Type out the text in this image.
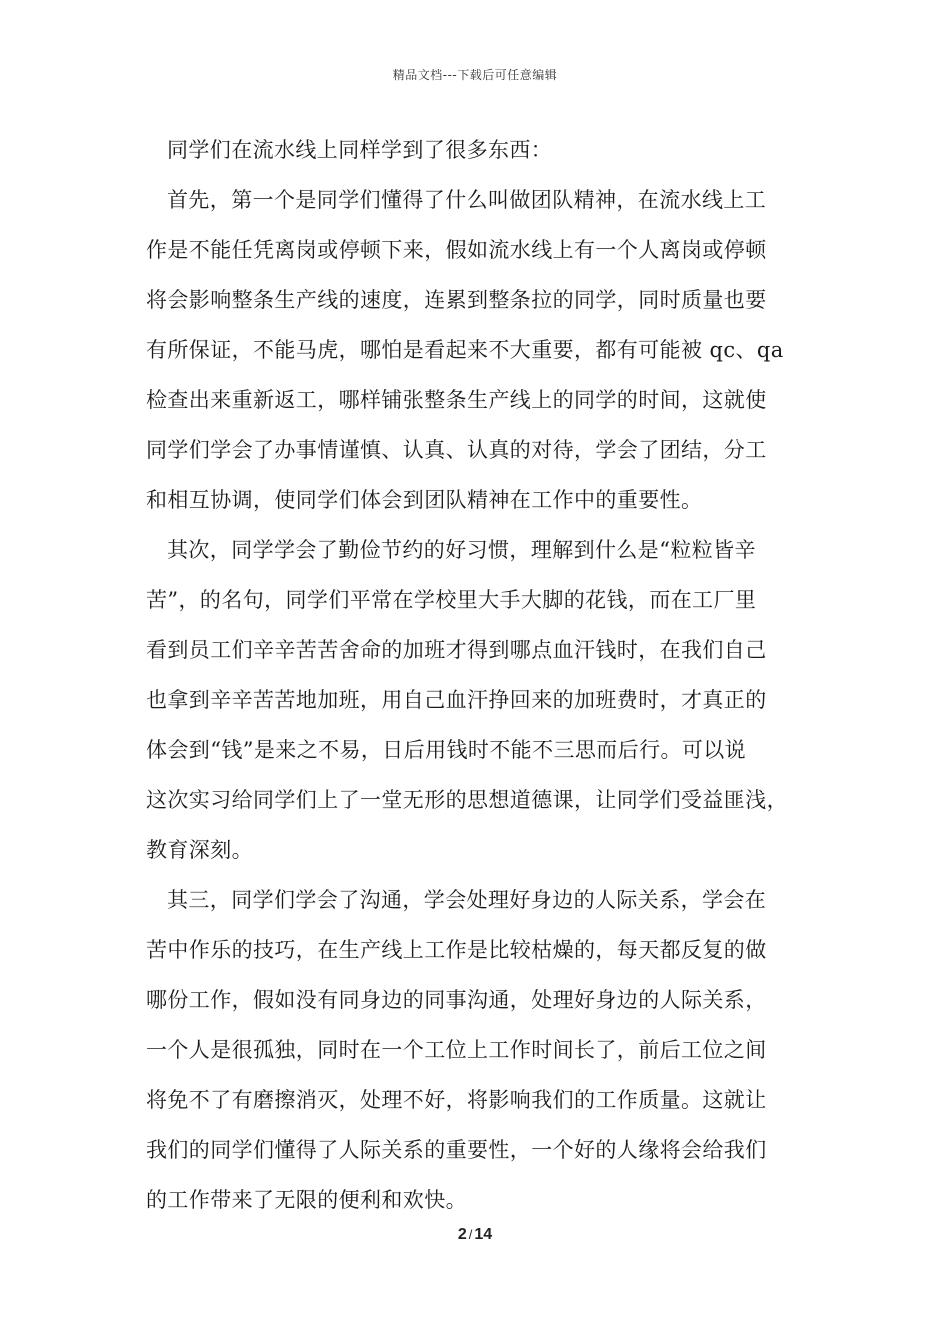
精品文档---下载后可任意编辑
同学们在流水线上同样学到了很多东西：
首先，第一个是同学们懂得了什么叫做团队精神，在流水线上工
作是不能任凭离岗或停顿下来，假如流水线上有一个人离岗或停顿
将会影响整条生产线的速度，连累到整条拉的同学，同时质量也要
有所保证，不能马虎，哪怕是看起来不大重要，都有可能被 qc、qa
检查出来重新返工，哪样铺张整条生产线上的同学的时间，这就使
同学们学会了办事情谨慎、认真、认真的对待，学会了团结，分工
和相互协调，使同学们体会到团队精神在工作中的重要性。
其次，同学学会了勤俭节约的好习惯，理解到什么是“粒粒皆辛
苦”，的名句，同学们平常在学校里大手大脚的花钱，而在工厂里
看到员工们辛辛苦苦舍命的加班才得到哪点血汗钱时，在我们自己
也拿到辛辛苦苦地加班，用自己血汗挣回来的加班费时，才真正的
体会到“钱”是来之不易，日后用钱时不能不三思而后行。可以说
这次实习给同学们上了一堂无形的思想道德课，让同学们受益匪浅，
教育深刻。
其三，同学们学会了沟通，学会处理好身边的人际关系，学会在
苦中作乐的技巧，在生产线上工作是比较枯燥的，每天都反复的做
哪份工作，假如没有同身边的同事沟通，处理好身边的人际关系，
一个人是很孤独，同时在一个工位上工作时间长了，前后工位之间
将免不了有磨擦消灭，处理不好，将影响我们的工作质量。这就让
我们的同学们懂得了人际关系的重要性，一个好的人缘将会给我们
的工作带来了无限的便利和欢快。
2 / 14
